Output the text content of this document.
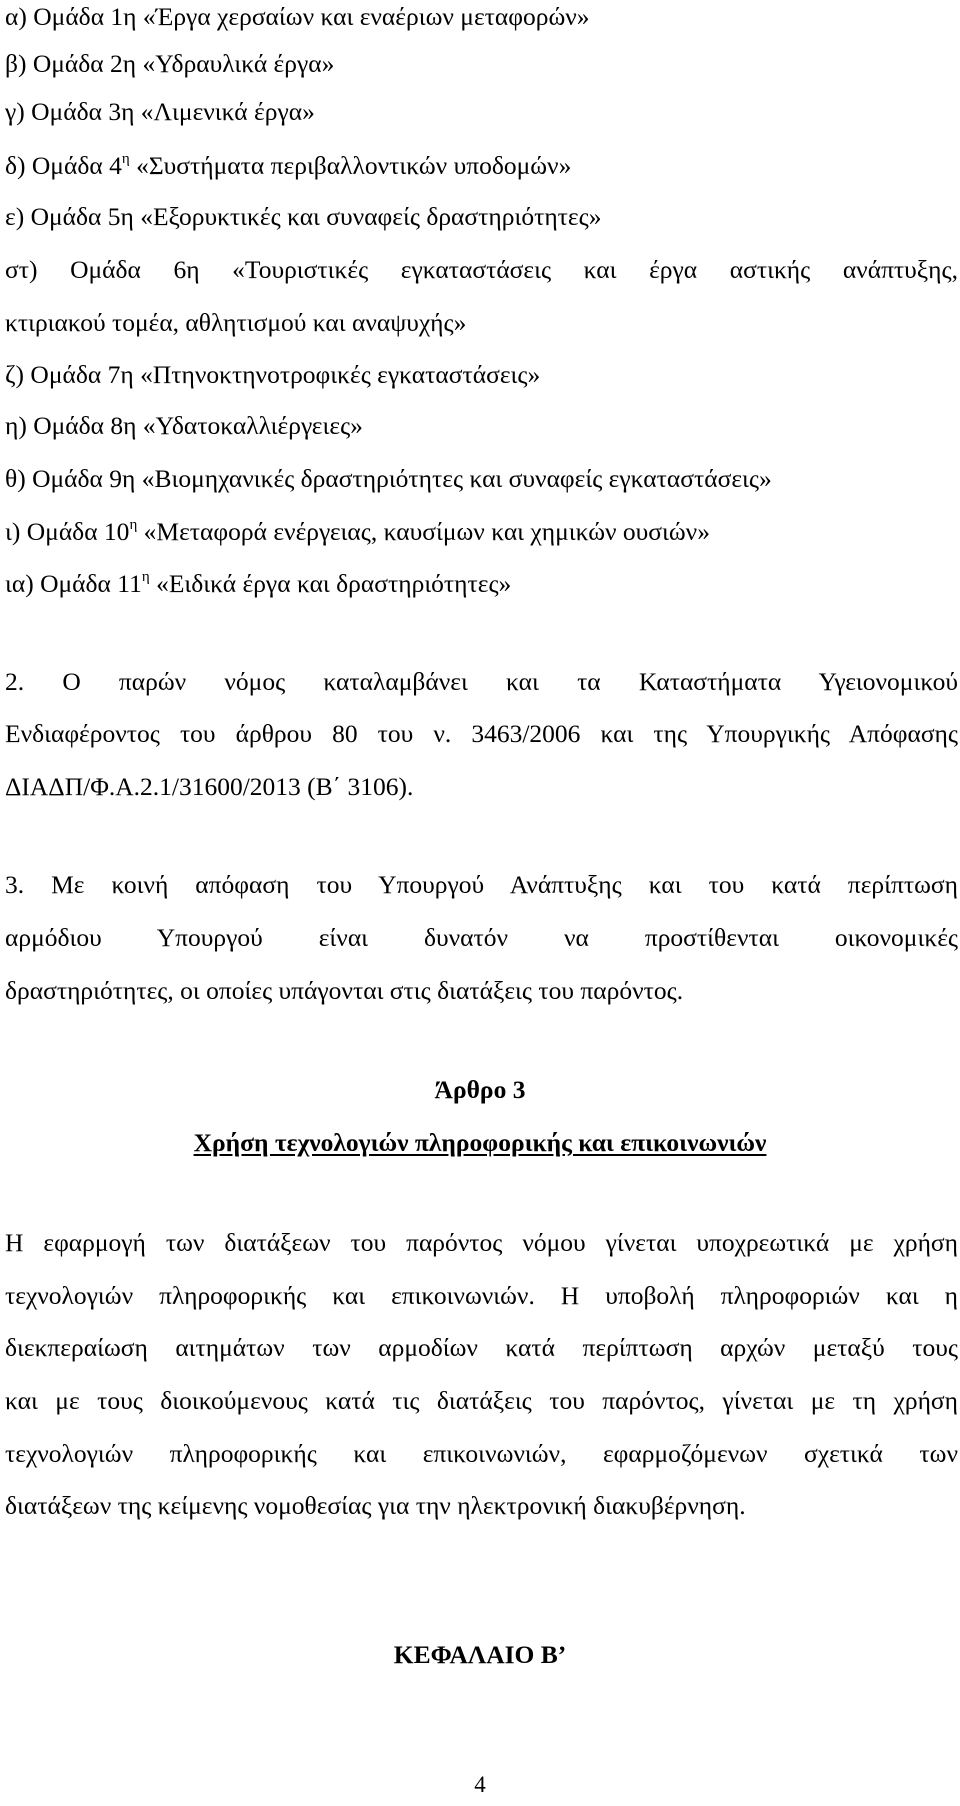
α) Ομάδα 1η «Έργα χερσαίων και εναέριων μεταφορών»
β) Ομάδα 2η «Υδραυλικά έργα»
γ) Ομάδα 3η «Λιμενικά έργα»
δ) Ομάδα $4^\eta$ «Συστήματα περιβαλλοντικών υποδομών»
ε) Ομάδα 5η «Εξορυκτικές και συναφείς δραστηριότητες»
στ) Ομάδα 6η «Τουριστικές εγκαταστάσεις και έργα αστικής ανάπτυξης,
κτιριακού τομέα, αθλητισμού και αναψυχής»
ζ) Ομάδα 7η «Πτηνοκτηνοτροφικές εγκαταστάσεις»
η) Ομάδα 8η «Υδατοκαλλιέργειες»
θ) Ομάδα 9η «Βιομηχανικές δραστηριότητες και συναφείς εγκαταστάσεις»
ι) Ομάδα $10^\eta$ «Μεταφορά ενέργειας, καυσίμων και χημικών ουσιών»
ια) Ομάδα $11^\eta$ «Ειδικά έργα και δραστηριότητες»
2. Ο παρών νόμος καταλαμβάνει και τα Καταστήματα Υγειονομικού
Ενδιαφέροντος του άρθρου 80 του ν. 3463/2006 και της Υπουργικής Απόφασης
ΔΙΑΔΠ/Φ.Α.2.1/31600/2013 (Β΄ 3106).
3. Με κοινή απόφαση του Υπουργού Ανάπτυξης και του κατά περίπτωση
αρμόδιου Υπουργού είναι δυνατόν να προστίθενται οικονομικές
δραστηριότητες, οι οποίες υπάγονται στις διατάξεις του παρόντος.
Άρθρο 3
Χρήση τεχνολογιών πληροφορικής και επικοινωνιών
Η εφαρμογή των διατάξεων του παρόντος νόμου γίνεται υποχρεωτικά με χρήση
τεχνολογιών πληροφορικής και επικοινωνιών. Η υποβολή πληροφοριών και η
διεκπεραίωση αιτημάτων των αρμοδίων κατά περίπτωση αρχών μεταξύ τους
και με τους διοικούμενους κατά τις διατάξεις του παρόντος, γίνεται με τη χρήση
τεχνολογιών πληροφορικής και επικοινωνιών, εφαρμοζόμενων σχετικά των
διατάξεων της κείμενης νομοθεσίας για την ηλεκτρονική διακυβέρνηση.
ΚΕΦΑΛΑΙΟ Β’
4
